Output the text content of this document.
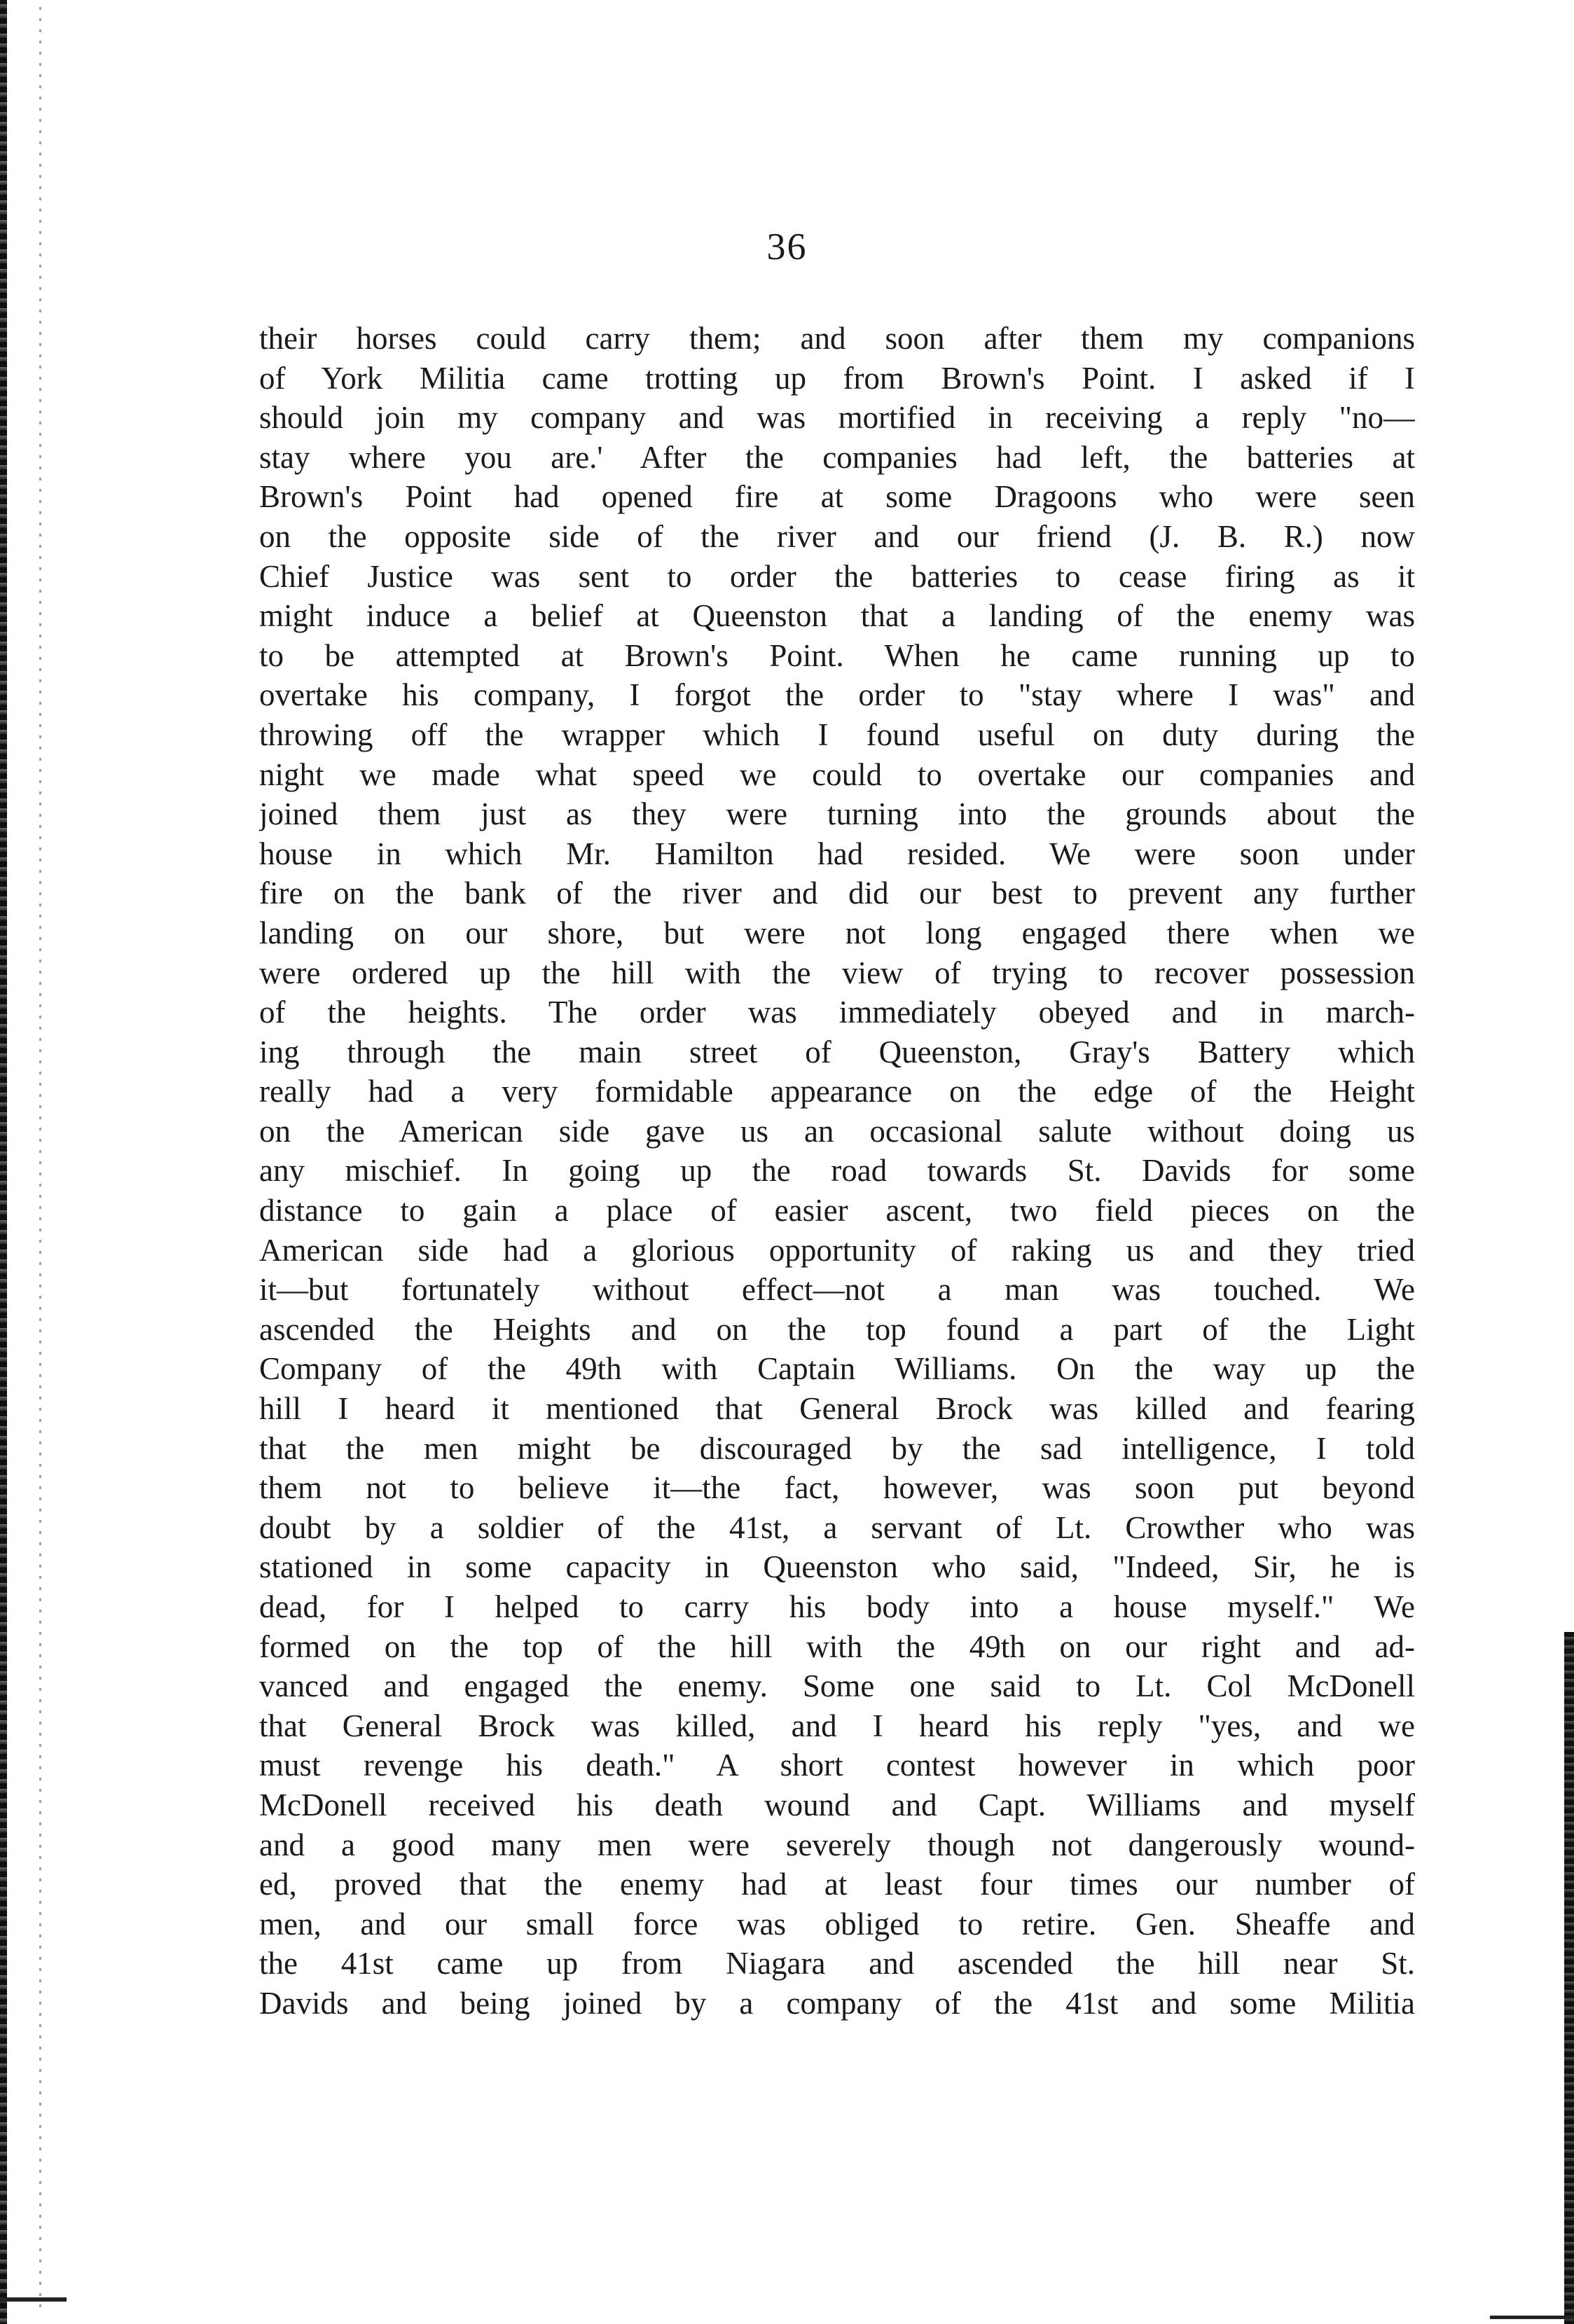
36
their horses could carry them; and soon after them my companions
of York Militia came trotting up from Brown's Point. I asked if I
should join my company and was mortified in receiving a reply "no—
stay where you are.' After the companies had left, the batteries at
Brown's Point had opened fire at some Dragoons who were seen
on the opposite side of the river and our friend (J. B. R.) now
Chief Justice was sent to order the batteries to cease firing as it
might induce a belief at Queenston that a landing of the enemy was
to be attempted at Brown's Point. When he came running up to
overtake his company, I forgot the order to "stay where I was" and
throwing off the wrapper which I found useful on duty during the
night we made what speed we could to overtake our companies and
joined them just as they were turning into the grounds about the
house in which Mr. Hamilton had resided. We were soon under
fire on the bank of the river and did our best to prevent any further
landing on our shore, but were not long engaged there when we
were ordered up the hill with the view of trying to recover possession
of the heights. The order was immediately obeyed and in march-
ing through the main street of Queenston, Gray's Battery which
really had a very formidable appearance on the edge of the Height
on the American side gave us an occasional salute without doing us
any mischief. In going up the road towards St. Davids for some
distance to gain a place of easier ascent, two field pieces on the
American side had a glorious opportunity of raking us and they tried
it—but fortunately without effect—not a man was touched. We
ascended the Heights and on the top found a part of the Light
Company of the 49th with Captain Williams. On the way up the
hill I heard it mentioned that General Brock was killed and fearing
that the men might be discouraged by the sad intelligence, I told
them not to believe it—the fact, however, was soon put beyond
doubt by a soldier of the 41st, a servant of Lt. Crowther who was
stationed in some capacity in Queenston who said, "Indeed, Sir, he is
dead, for I helped to carry his body into a house myself." We
formed on the top of the hill with the 49th on our right and ad-
vanced and engaged the enemy. Some one said to Lt. Col McDonell
that General Brock was killed, and I heard his reply "yes, and we
must revenge his death." A short contest however in which poor
McDonell received his death wound and Capt. Williams and myself
and a good many men were severely though not dangerously wound-
ed, proved that the enemy had at least four times our number of
men, and our small force was obliged to retire. Gen. Sheaffe and
the 41st came up from Niagara and ascended the hill near St.
Davids and being joined by a company of the 41st and some Militia
